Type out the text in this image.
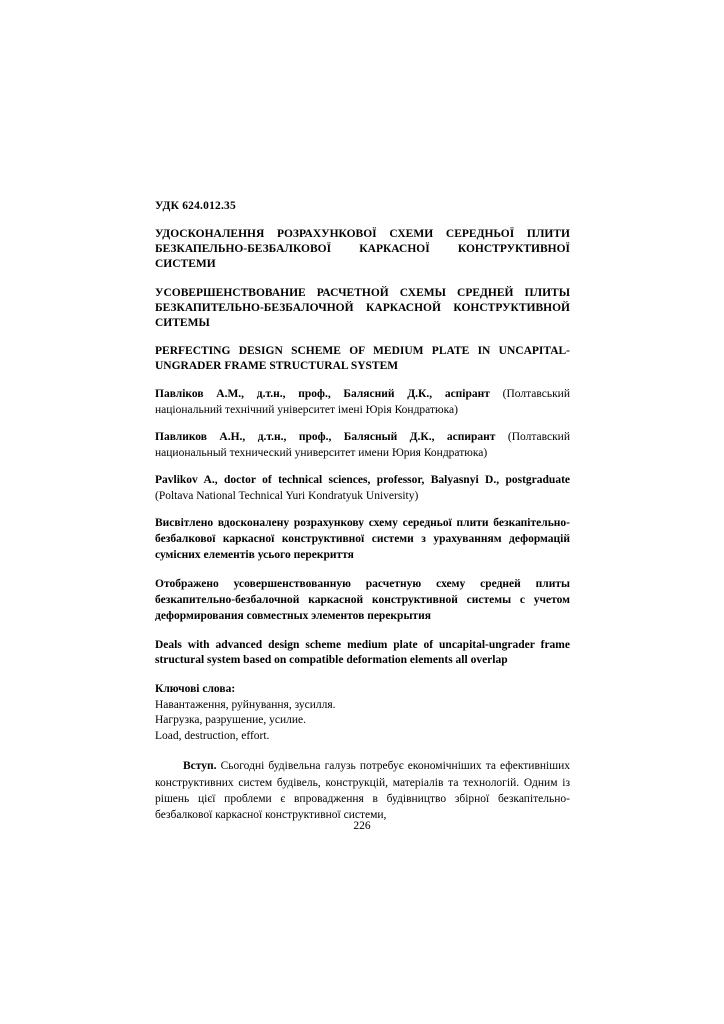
УДК 624.012.35
УДОСКОНАЛЕННЯ РОЗРАХУНКОВОЇ СХЕМИ СЕРЕДНЬОЇ ПЛИТИ БЕЗКАПЕЛЬНО-БЕЗБАЛКОВОЇ КАРКАСНОЇ КОНСТРУКТИВНОЇ СИСТЕМИ
УСОВЕРШЕНСТВОВАНИЕ РАСЧЕТНОЙ СХЕМЫ СРЕДНЕЙ ПЛИТЫ БЕЗКАПИТЕЛЬНО-БЕЗБАЛОЧНОЙ КАРКАСНОЙ КОНСТРУКТИВНОЙ СИТЕМЫ
PERFECTING DESIGN SCHEME OF MEDIUM PLATE IN UNCAPITAL-UNGRADER FRAME STRUCTURAL SYSTEM
Павліков А.М., д.т.н., проф., Балясний Д.К., аспірант (Полтавський національний технічний університет імені Юрія Кондратюка)
Павликов А.Н., д.т.н., проф., Балясный Д.К., аспирант (Полтавский национальный технический университет имени Юрия Кондратюка)
Pavlikov A., doctor of technical sciences, professor, Balyasnyi D., postgraduate (Poltava National Technical Yuri Kondratyuk University)
Висвітлено вдосконалену розрахункову схему середньої плити безкапітельно-безбалкової каркасної конструктивної системи з урахуванням деформацій сумісних елементів усього перекриття
Отображено усовершенствованную расчетную схему средней плиты безкапительно-безбалочной каркасной конструктивной системы с учетом деформирования совместных элементов перекрытия
Deals with advanced design scheme medium plate of uncapital-ungrader frame structural system based on compatible deformation elements all overlap
Ключові слова:
Навантаження, руйнування, зусилля.
Нагрузка, разрушение, усилие.
Load, destruction, effort.
Вступ. Сьогодні будівельна галузь потребує економічніших та ефективніших конструктивних систем будівель, конструкцій, матеріалів та технологій. Одним із рішень цієї проблеми є впровадження в будівництво збірної безкапітельно-безбалкової каркасної конструктивної системи,
226
